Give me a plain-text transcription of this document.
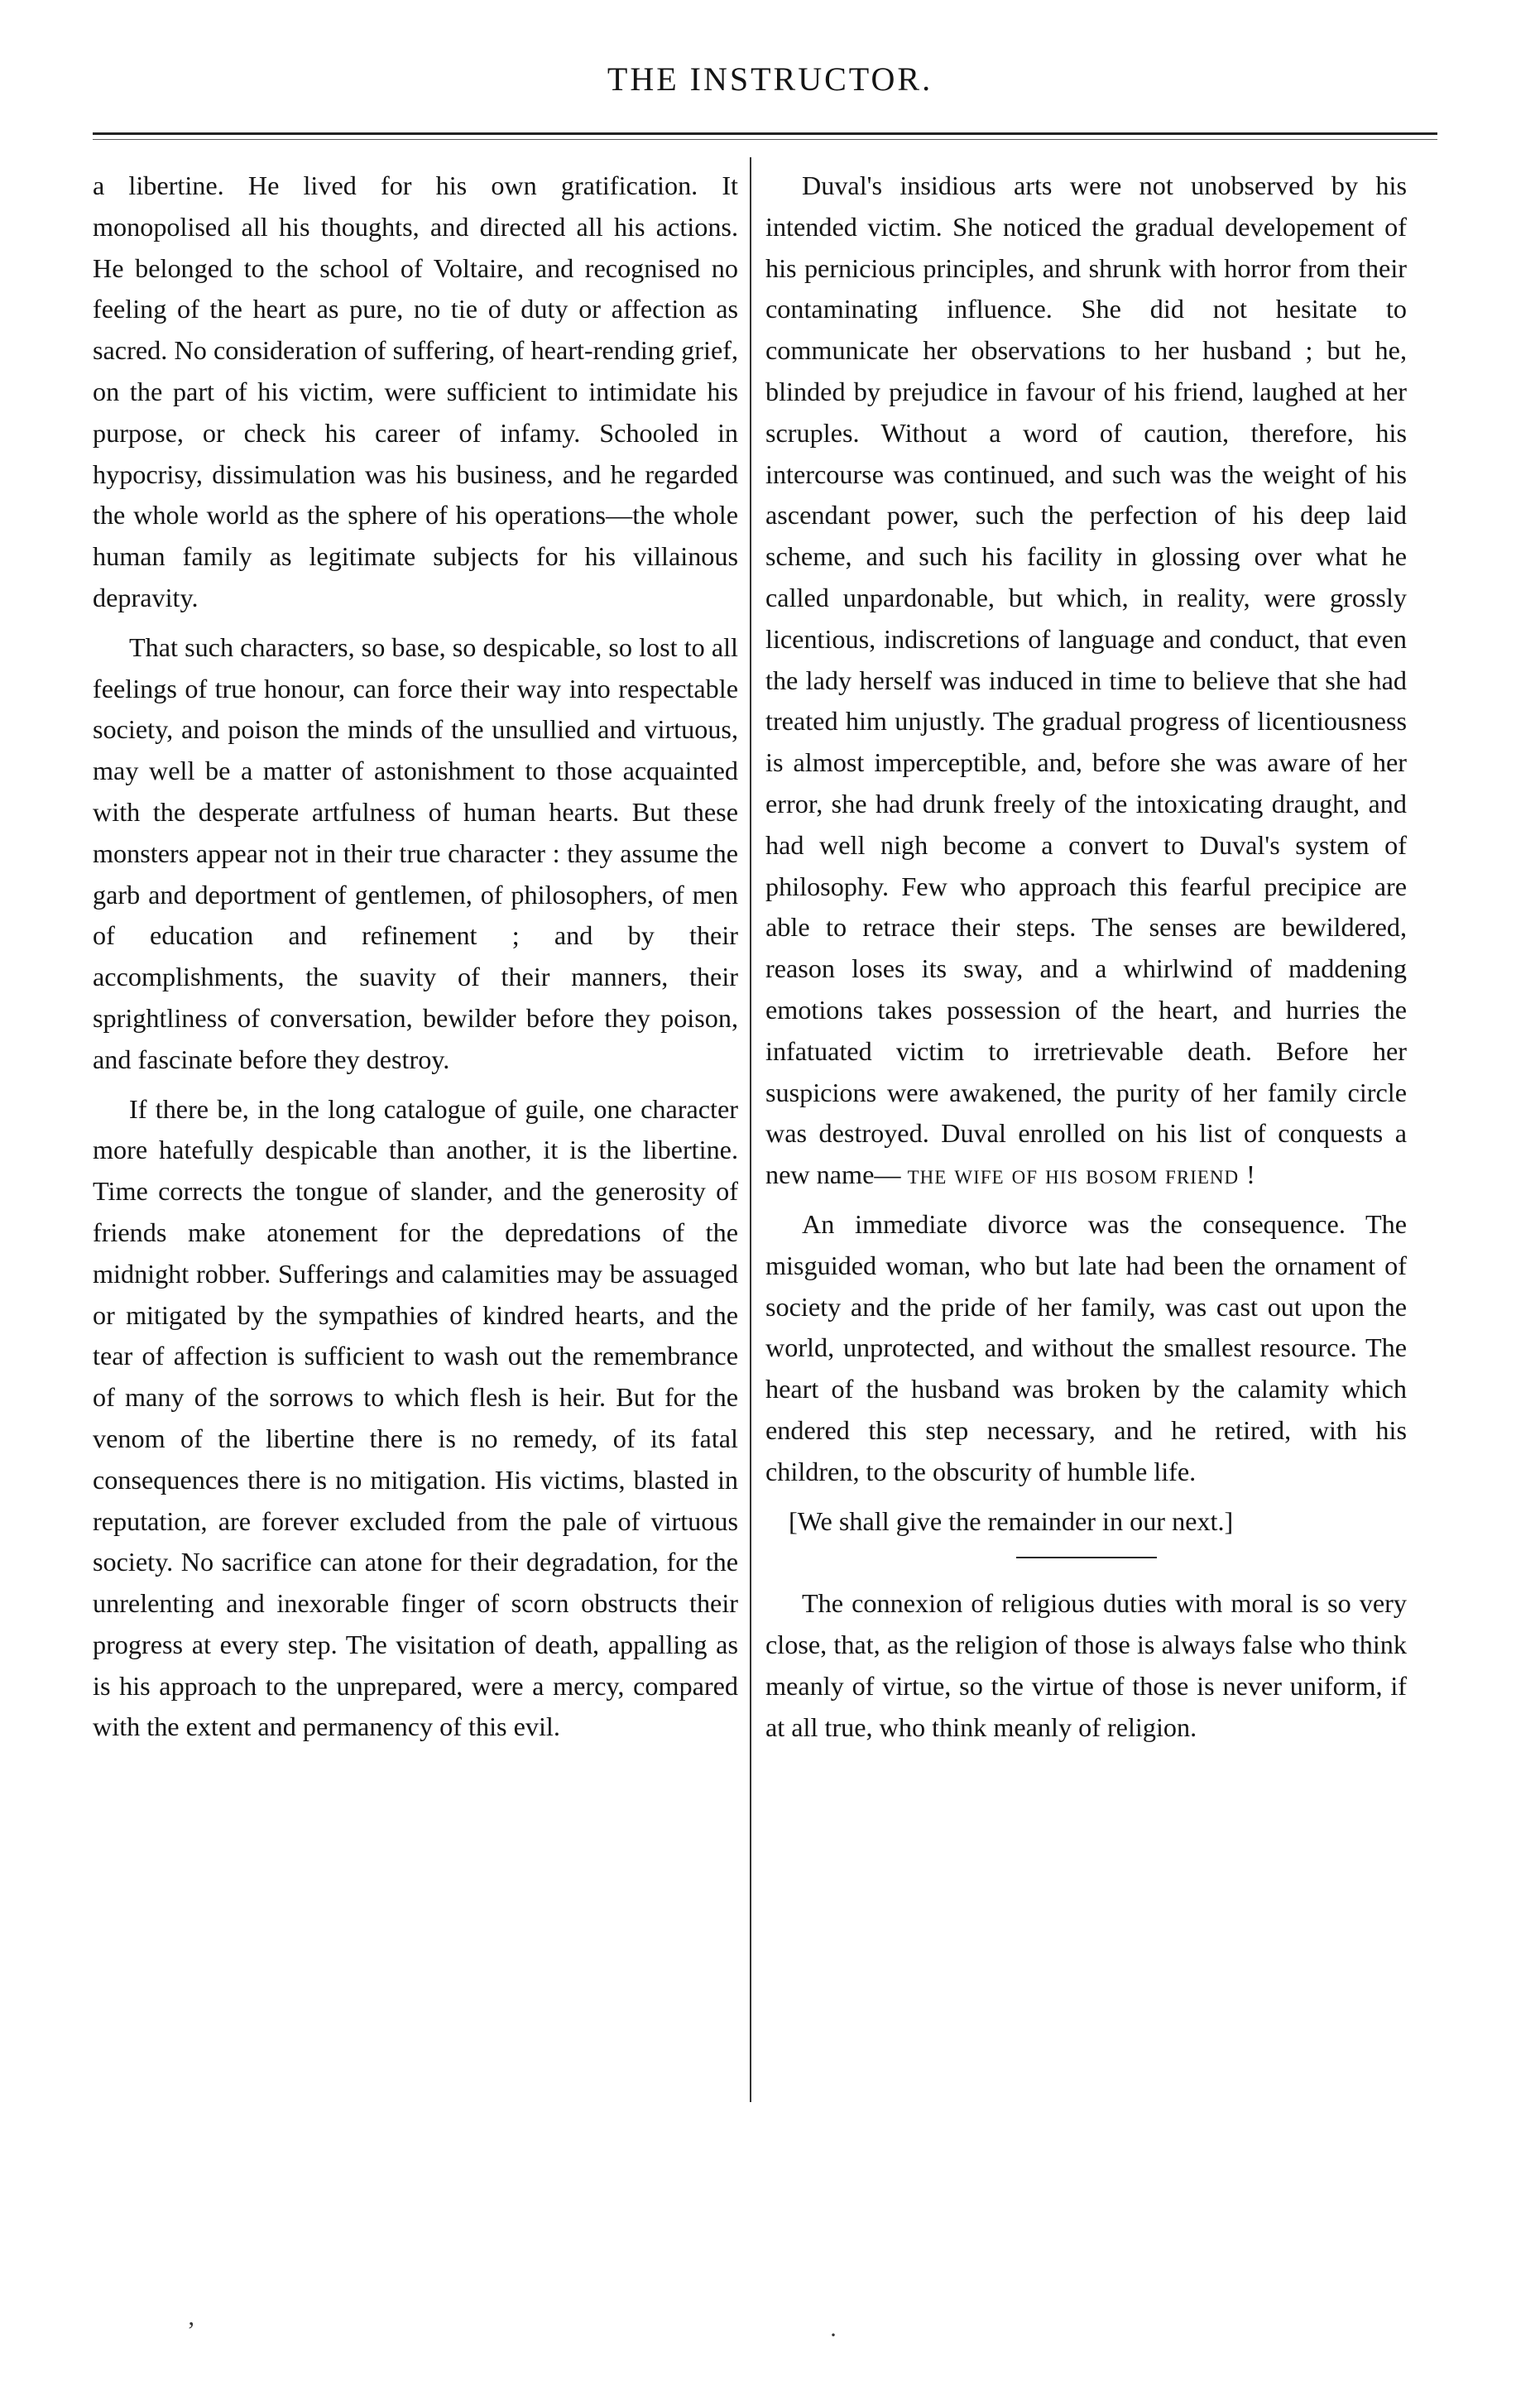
THE INSTRUCTOR.

a libertine. He lived for his own gratification. It monopolised all his thoughts, and directed all his actions. He belonged to the school of Voltaire, and recognised no feeling of the heart as pure, no tie of duty or affection as sacred. No consideration of suffering, of heart-rending grief, on the part of his victim, were sufficient to intimidate his purpose, or check his career of infamy. Schooled in hypocrisy, dissimulation was his business, and he regarded the whole world as the sphere of his operations—the whole human family as legitimate subjects for his villainous depravity.

That such characters, so base, so despicable, so lost to all feelings of true honour, can force their way into respectable society, and poison the minds of the unsullied and virtuous, may well be a matter of astonishment to those acquainted with the desperate artfulness of human hearts. But these monsters appear not in their true character : they assume the garb and deportment of gentlemen, of philosophers, of men of education and refinement ; and by their accomplishments, the suavity of their manners, their sprightliness of conversation, bewilder before they poison, and fascinate before they destroy.

If there be, in the long catalogue of guile, one character more hatefully despicable than another, it is the libertine. Time corrects the tongue of slander, and the generosity of friends make atonement for the depredations of the midnight robber. Sufferings and calamities may be assuaged or mitigated by the sympathies of kindred hearts, and the tear of affection is sufficient to wash out the remembrance of many of the sorrows to which flesh is heir. But for the venom of the libertine there is no remedy, of its fatal consequences there is no mitigation. His victims, blasted in reputation, are forever excluded from the pale of virtuous society. No sacrifice can atone for their degradation, for the unrelenting and inexorable finger of scorn obstructs their progress at every step. The visitation of death, appalling as is his approach to the unprepared, were a mercy, compared with the extent and permanency of this evil.

Duval's insidious arts were not unobserved by his intended victim. She noticed the gradual developement of his pernicious principles, and shrunk with horror from their contaminating influence. She did not hesitate to communicate her observations to her husband ; but he, blinded by prejudice in favour of his friend, laughed at her scruples. Without a word of caution, therefore, his intercourse was continued, and such was the weight of his ascendant power, such the perfection of his deep laid scheme, and such his facility in glossing over what he called unpardonable, but which, in reality, were grossly licentious, indiscretions of language and conduct, that even the lady herself was induced in time to believe that she had treated him unjustly. The gradual progress of licentiousness is almost imperceptible, and, before she was aware of her error, she had drunk freely of the intoxicating draught, and had well nigh become a convert to Duval's system of philosophy. Few who approach this fearful precipice are able to retrace their steps. The senses are bewildered, reason loses its sway, and a whirlwind of maddening emotions takes possession of the heart, and hurries the infatuated victim to irretrievable death. Before her suspicions were awakened, the purity of her family circle was destroyed. Duval enrolled on his list of conquests a new name— the wife of his bosom friend !

An immediate divorce was the consequence. The misguided woman, who but late had been the ornament of society and the pride of her family, was cast out upon the world, unprotected, and without the smallest resource. The heart of the husband was broken by the calamity which endered this step necessary, and he retired, with his children, to the obscurity of humble life.

[We shall give the remainder in our next.]

The connexion of religious duties with moral is so very close, that, as the religion of those is always false who think meanly of virtue, so the virtue of those is never uniform, if at all true, who think meanly of religion.

ʼ	·
